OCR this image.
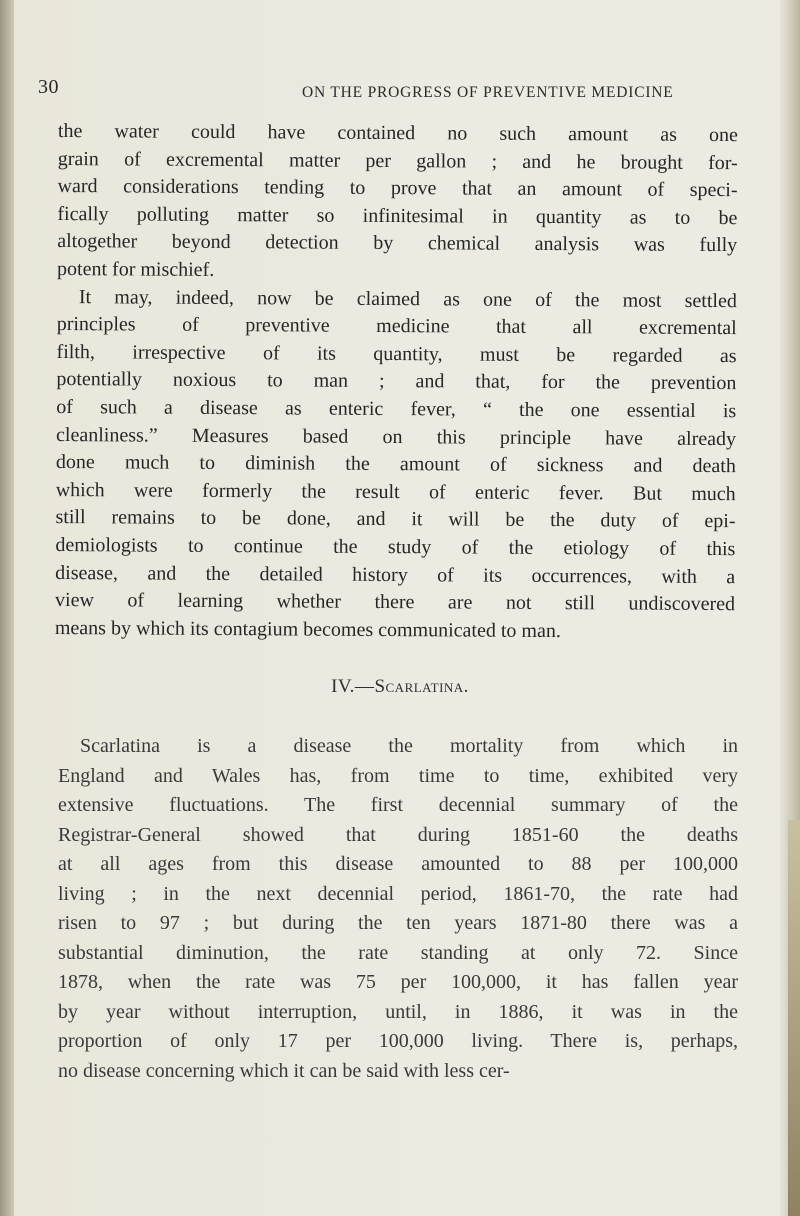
30	ON THE PROGRESS OF PREVENTIVE MEDICINE
the water could have contained no such amount as one
grain of excremental matter per gallon ; and he brought for-
ward considerations tending to prove that an amount of speci-
fically polluting matter so infinitesimal in quantity as to be
altogether beyond detection by chemical analysis was fully
potent for mischief.
It may, indeed, now be claimed as one of the most settled
principles of preventive medicine that all excremental
filth, irrespective of its quantity, must be regarded as
potentially noxious to man ; and that, for the prevention
of such a disease as enteric fever, “ the one essential is
cleanliness.” Measures based on this principle have already
done much to diminish the amount of sickness and death
which were formerly the result of enteric fever. But much
still remains to be done, and it will be the duty of epi-
demiologists to continue the study of the etiology of this
disease, and the detailed history of its occurrences, with a
view of learning whether there are not still undiscovered
means by which its contagium becomes communicated to man.
IV.—Scarlatina.
Scarlatina is a disease the mortality from which in
England and Wales has, from time to time, exhibited very
extensive fluctuations. The first decennial summary of the
Registrar-General showed that during 1851-60 the deaths
at all ages from this disease amounted to 88 per 100,000
living ; in the next decennial period, 1861-70, the rate had
risen to 97 ; but during the ten years 1871-80 there was a
substantial diminution, the rate standing at only 72. Since
1878, when the rate was 75 per 100,000, it has fallen year
by year without interruption, until, in 1886, it was in the
proportion of only 17 per 100,000 living. There is, perhaps,
no disease concerning which it can be said with less cer-
